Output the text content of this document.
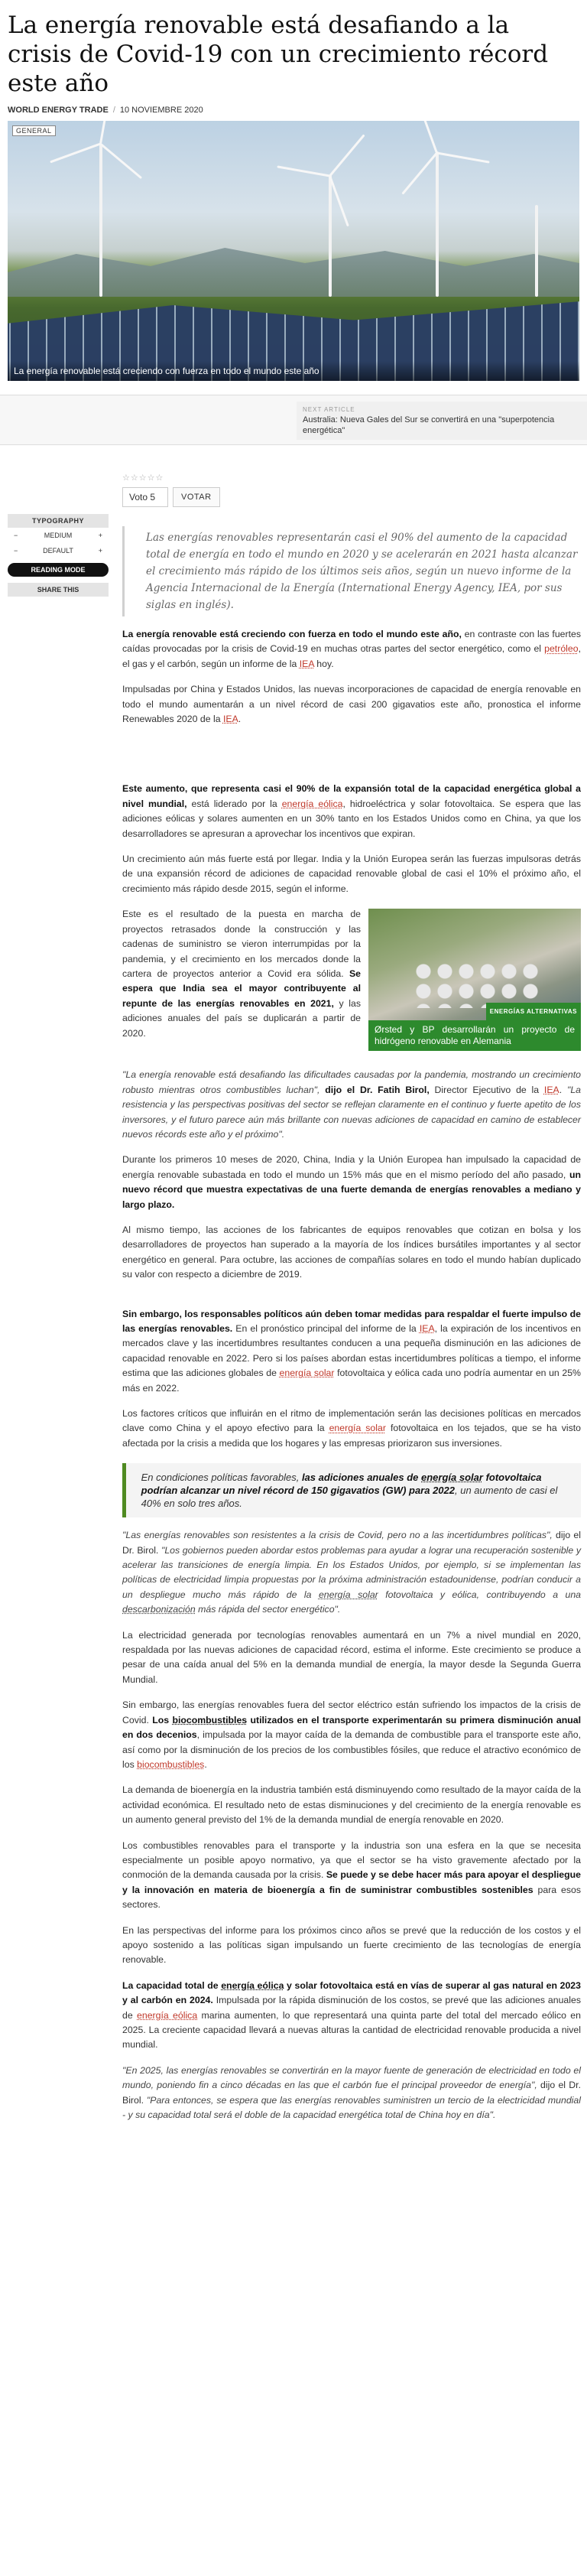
La energía renovable está desafiando a la crisis de Covid-19 con un crecimiento récord este año
WORLD ENERGY TRADE / 10 NOVIEMBRE 2020
GENERAL
La energía renovable está creciendo con fuerza en todo el mundo este año
NEXT ARTICLE
Australia: Nueva Gales del Sur se convertirá en una "superpotencia energética"
TYPOGRAPHY
−	MEDIUM	+
−	DEFAULT	+
READING MODE
SHARE THIS
☆☆☆☆☆
Voto 5	VOTAR
Las energías renovables representarán casi el 90% del aumento de la capacidad total de energía en todo el mundo en 2020 y se acelerarán en 2021 hasta alcanzar el crecimiento más rápido de los últimos seis años, según un nuevo informe de la Agencia Internacional de la Energía (International Energy Agency, IEA, por sus siglas en inglés).

La energía renovable está creciendo con fuerza en todo el mundo este año, en contraste con las fuertes caídas provocadas por la crisis de Covid-19 en muchas otras partes del sector energético, como el petróleo, el gas y el carbón, según un informe de la IEA hoy.

Impulsadas por China y Estados Unidos, las nuevas incorporaciones de capacidad de energía renovable en todo el mundo aumentarán a un nivel récord de casi 200 gigavatios este año, pronostica el informe Renewables 2020 de la IEA.

Este aumento, que representa casi el 90% de la expansión total de la capacidad energética global a nivel mundial, está liderado por la energía eólica, hidroeléctrica y solar fotovoltaica. Se espera que las adiciones eólicas y solares aumenten en un 30% tanto en los Estados Unidos como en China, ya que los desarrolladores se apresuran a aprovechar los incentivos que expiran.

Un crecimiento aún más fuerte está por llegar. India y la Unión Europea serán las fuerzas impulsoras detrás de una expansión récord de adiciones de capacidad renovable global de casi el 10% el próximo año, el crecimiento más rápido desde 2015, según el informe.

ENERGÍAS ALTERNATIVAS
Ørsted y BP desarrollarán un proyecto de hidrógeno renovable en Alemania
Este es el resultado de la puesta en marcha de proyectos retrasados donde la construcción y las cadenas de suministro se vieron interrumpidas por la pandemia, y el crecimiento en los mercados donde la cartera de proyectos anterior a Covid era sólida. Se espera que India sea el mayor contribuyente al repunte de las energías renovables en 2021, y las adiciones anuales del país se duplicarán a partir de 2020.

"La energía renovable está desafiando las dificultades causadas por la pandemia, mostrando un crecimiento robusto mientras otros combustibles luchan", dijo el Dr. Fatih Birol, Director Ejecutivo de la IEA. "La resistencia y las perspectivas positivas del sector se reflejan claramente en el continuo y fuerte apetito de los inversores, y el futuro parece aún más brillante con nuevas adiciones de capacidad en camino de establecer nuevos récords este año y el próximo".

Durante los primeros 10 meses de 2020, China, India y la Unión Europea han impulsado la capacidad de energía renovable subastada en todo el mundo un 15% más que en el mismo período del año pasado, un nuevo récord que muestra expectativas de una fuerte demanda de energías renovables a mediano y largo plazo.

Al mismo tiempo, las acciones de los fabricantes de equipos renovables que cotizan en bolsa y los desarrolladores de proyectos han superado a la mayoría de los índices bursátiles importantes y al sector energético en general. Para octubre, las acciones de compañías solares en todo el mundo habían duplicado su valor con respecto a diciembre de 2019.

Sin embargo, los responsables políticos aún deben tomar medidas para respaldar el fuerte impulso de las energías renovables. En el pronóstico principal del informe de la IEA, la expiración de los incentivos en mercados clave y las incertidumbres resultantes conducen a una pequeña disminución en las adiciones de capacidad renovable en 2022. Pero si los países abordan estas incertidumbres políticas a tiempo, el informe estima que las adiciones globales de energía solar fotovoltaica y eólica cada uno podría aumentar en un 25% más en 2022.

Los factores críticos que influirán en el ritmo de implementación serán las decisiones políticas en mercados clave como China y el apoyo efectivo para la energía solar fotovoltaica en los tejados, que se ha visto afectada por la crisis a medida que los hogares y las empresas priorizaron sus inversiones.

En condiciones políticas favorables, las adiciones anuales de energía solar fotovoltaica podrían alcanzar un nivel récord de 150 gigavatios (GW) para 2022, un aumento de casi el 40% en solo tres años.

"Las energías renovables son resistentes a la crisis de Covid, pero no a las incertidumbres políticas", dijo el Dr. Birol. "Los gobiernos pueden abordar estos problemas para ayudar a lograr una recuperación sostenible y acelerar las transiciones de energía limpia. En los Estados Unidos, por ejemplo, si se implementan las políticas de electricidad limpia propuestas por la próxima administración estadounidense, podrían conducir a un despliegue mucho más rápido de la energía solar fotovoltaica y eólica, contribuyendo a una descarbonización más rápida del sector energético".

La electricidad generada por tecnologías renovables aumentará en un 7% a nivel mundial en 2020, respaldada por las nuevas adiciones de capacidad récord, estima el informe. Este crecimiento se produce a pesar de una caída anual del 5% en la demanda mundial de energía, la mayor desde la Segunda Guerra Mundial.

Sin embargo, las energías renovables fuera del sector eléctrico están sufriendo los impactos de la crisis de Covid. Los biocombustibles utilizados en el transporte experimentarán su primera disminución anual en dos decenios, impulsada por la mayor caída de la demanda de combustible para el transporte este año, así como por la disminución de los precios de los combustibles fósiles, que reduce el atractivo económico de los biocombustibles.

La demanda de bioenergía en la industria también está disminuyendo como resultado de la mayor caída de la actividad económica. El resultado neto de estas disminuciones y del crecimiento de la energía renovable es un aumento general previsto del 1% de la demanda mundial de energía renovable en 2020.

Los combustibles renovables para el transporte y la industria son una esfera en la que se necesita especialmente un posible apoyo normativo, ya que el sector se ha visto gravemente afectado por la conmoción de la demanda causada por la crisis. Se puede y se debe hacer más para apoyar el despliegue y la innovación en materia de bioenergía a fin de suministrar combustibles sostenibles para esos sectores.

En las perspectivas del informe para los próximos cinco años se prevé que la reducción de los costos y el apoyo sostenido a las políticas sigan impulsando un fuerte crecimiento de las tecnologías de energía renovable.

La capacidad total de energía eólica y solar fotovoltaica está en vías de superar al gas natural en 2023 y al carbón en 2024. Impulsada por la rápida disminución de los costos, se prevé que las adiciones anuales de energía eólica marina aumenten, lo que representará una quinta parte del total del mercado eólico en 2025. La creciente capacidad llevará a nuevas alturas la cantidad de electricidad renovable producida a nivel mundial.

"En 2025, las energías renovables se convertirán en la mayor fuente de generación de electricidad en todo el mundo, poniendo fin a cinco décadas en las que el carbón fue el principal proveedor de energía", dijo el Dr. Birol. "Para entonces, se espera que las energías renovables suministren un tercio de la electricidad mundial - y su capacidad total será el doble de la capacidad energética total de China hoy en día".
